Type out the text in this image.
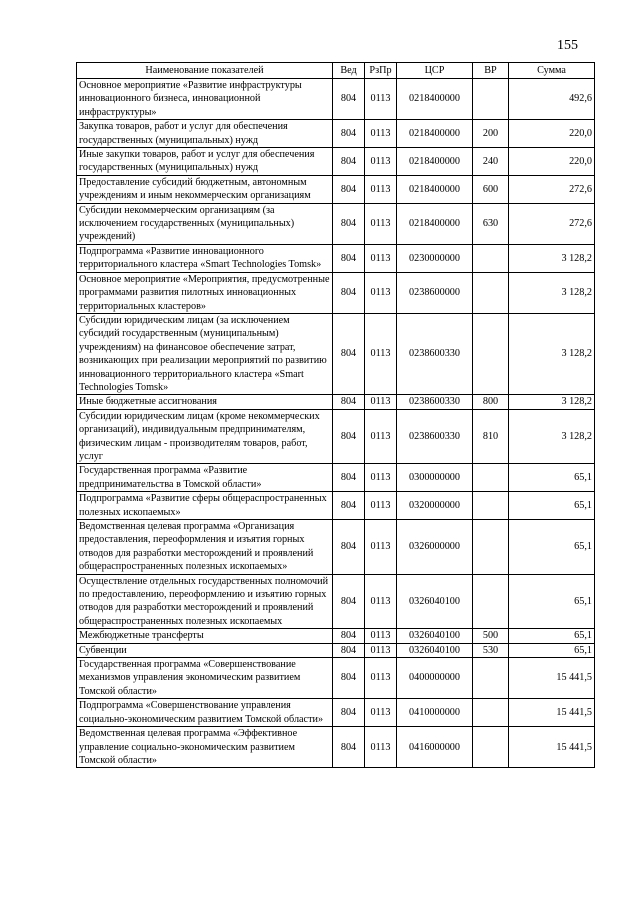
155
Наименование показателей	Вед	РзПр	ЦСР	ВР	Сумма
Основное мероприятие «Развитие инфраструктуры инновационного бизнеса, инновационной инфраструктуры»	804	0113	0218400000		492,6
Закупка товаров, работ и услуг для обеспечения государственных (муниципальных) нужд	804	0113	0218400000	200	220,0
Иные закупки товаров, работ и услуг для обеспечения государственных (муниципальных) нужд	804	0113	0218400000	240	220,0
Предоставление субсидий бюджетным, автономным учреждениям и иным некоммерческим организациям	804	0113	0218400000	600	272,6
Субсидии некоммерческим организациям (за исключением государственных (муниципальных) учреждений)	804	0113	0218400000	630	272,6
Подпрограмма «Развитие инновационного территориального кластера «Smart Technologies Tomsk»	804	0113	0230000000		3 128,2
Основное мероприятие «Мероприятия, предусмотренные программами развития пилотных инновационных территориальных кластеров»	804	0113	0238600000		3 128,2
Субсидии юридическим лицам (за исключением субсидий государственным (муниципальным) учреждениям) на финансовое обеспечение затрат, возникающих при реализации мероприятий по развитию инновационного территориального кластера «Smart Technologies Tomsk»	804	0113	0238600330		3 128,2
Иные бюджетные ассигнования	804	0113	0238600330	800	3 128,2
Субсидии юридическим лицам (кроме некоммерческих организаций), индивидуальным предпринимателям, физическим лицам - производителям товаров, работ, услуг	804	0113	0238600330	810	3 128,2
Государственная программа «Развитие предпринимательства в Томской области»	804	0113	0300000000		65,1
Подпрограмма «Развитие сферы общераспространенных полезных ископаемых»	804	0113	0320000000		65,1
Ведомственная целевая программа «Организация предоставления, переоформления и изъятия горных отводов для разработки месторождений и проявлений общераспространенных полезных ископаемых»	804	0113	0326000000		65,1
Осуществление отдельных государственных полномочий по предоставлению, переоформлению и изъятию горных отводов для разработки месторождений и проявлений общераспространенных полезных ископаемых	804	0113	0326040100		65,1
Межбюджетные трансферты	804	0113	0326040100	500	65,1
Субвенции	804	0113	0326040100	530	65,1
Государственная программа «Совершенствование механизмов управления экономическим развитием Томской области»	804	0113	0400000000		15 441,5
Подпрограмма «Совершенствование управления социально-экономическим развитием Томской области»	804	0113	0410000000		15 441,5
Ведомственная целевая программа «Эффективное управление социально-экономическим развитием Томской области»	804	0113	0416000000		15 441,5
